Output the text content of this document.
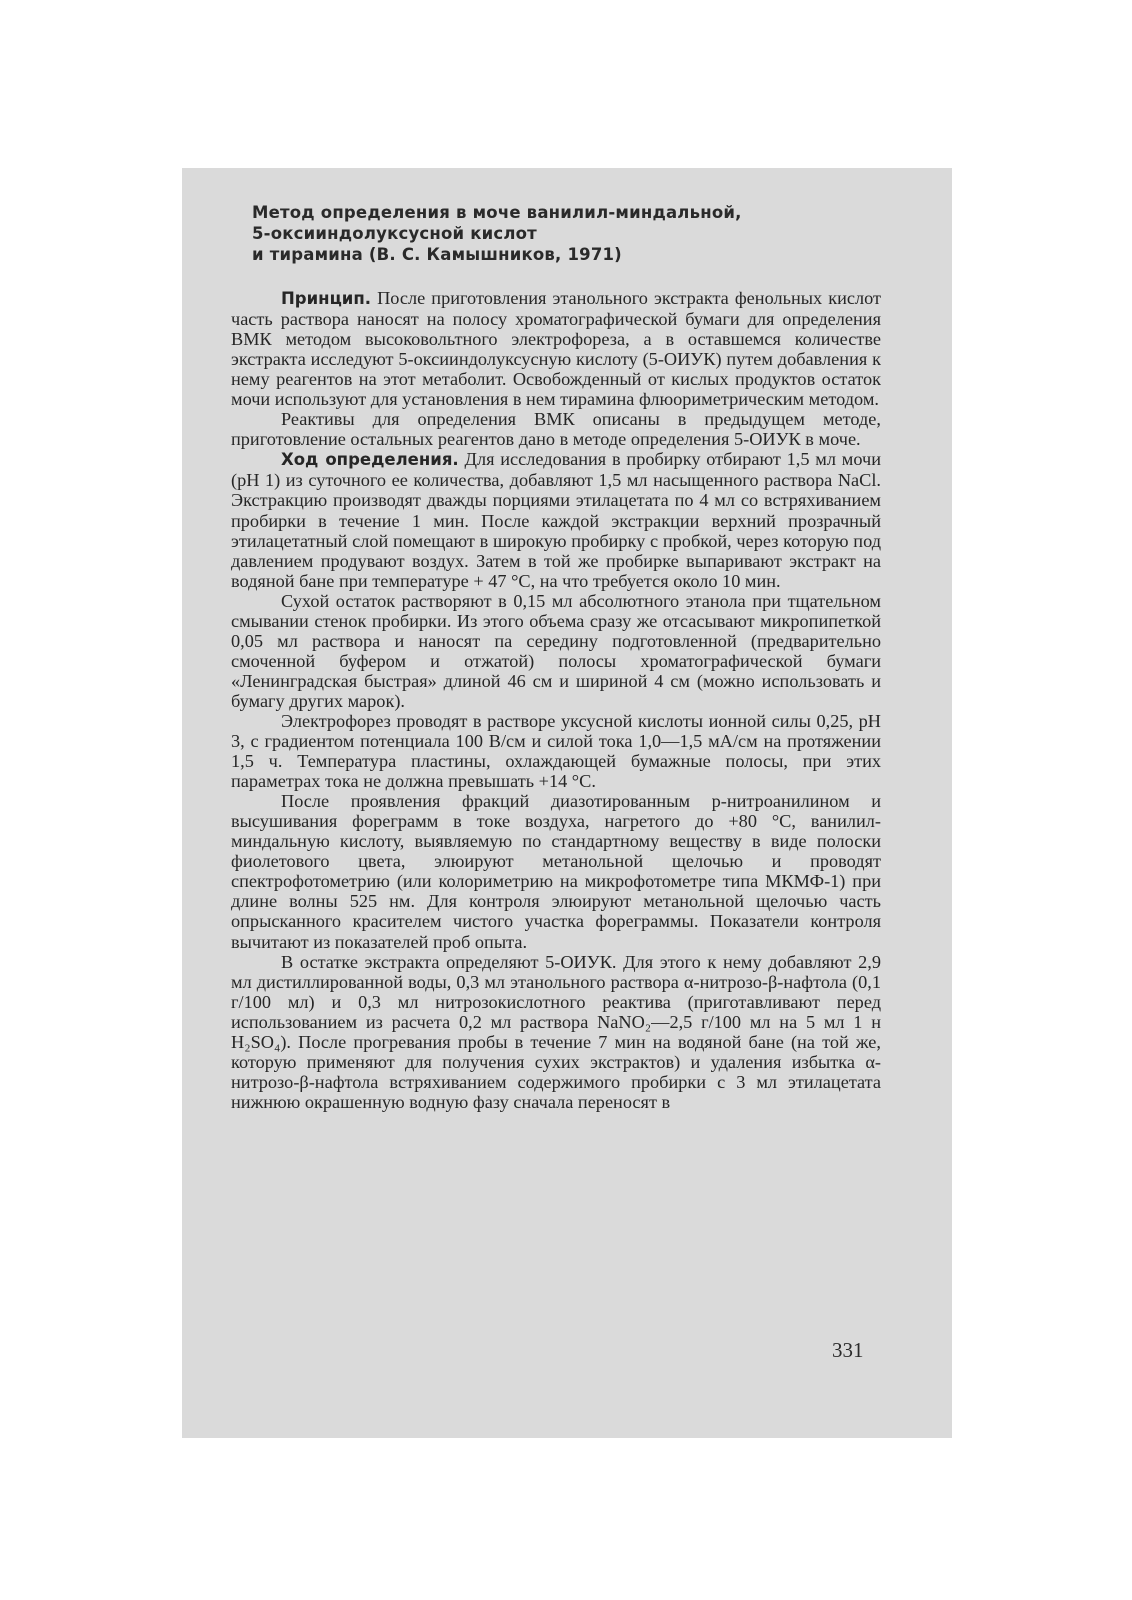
Метод определения в моче ванилил-миндальной,
5-оксииндолуксусной кислот
и тирамина (В. С. Камышников, 1971)

Принцип. После приготовления этанольного экстракта фенольных кислот часть раствора наносят на полосу хроматографической бумаги для определения ВМК методом высоковольтного электрофореза, а в оставшемся количестве экстракта исследуют 5-оксииндолуксусную кислоту (5-ОИУК) путем добавления к нему реагентов на этот метаболит. Освобожденный от кислых продуктов остаток мочи используют для установления в нем тирамина флюориметрическим методом.

Реактивы для определения ВМК описаны в предыдущем методе, приготовление остальных реагентов дано в методе определения 5-ОИУК в моче.

Ход определения. Для исследования в пробирку отбирают 1,5 мл мочи (рН 1) из суточного ее количества, добавляют 1,5 мл насыщенного раствора NaCl. Экстракцию производят дважды порциями этилацетата по 4 мл со встряхиванием пробирки в течение 1 мин. После каждой экстракции верхний прозрачный этилацетатный слой помещают в широкую пробирку с пробкой, через которую под давлением продувают воздух. Затем в той же пробирке выпаривают экстракт на водяной бане при температуре + 47 °С, на что требуется около 10 мин.

Сухой остаток растворяют в 0,15 мл абсолютного этанола при тщательном смывании стенок пробирки. Из этого объема сразу же отсасывают микропипеткой 0,05 мл раствора и наносят па середину подготовленной (предварительно смоченной буфером и отжатой) полосы хроматографической бумаги «Ленинградская быстрая» длиной 46 см и шириной 4 см (можно использовать и бумагу других марок).

Электрофорез проводят в растворе уксусной кислоты ионной силы 0,25, рН 3, с градиентом потенциала 100 В/см и силой тока 1,0—1,5 мА/см на протяжении 1,5 ч. Температура пластины, охлаждающей бумажные полосы, при этих параметрах тока не должна превышать +14 °С.

После проявления фракций диазотированным р-нитроанилином и высушивания фореграмм в токе воздуха, нагретого до +80 °С, ванилил-миндальную кислоту, выявляемую по стандартному веществу в виде полоски фиолетового цвета, элюируют метанольной щелочью и проводят спектрофотометрию (или колориметрию на микрофотометре типа МКМФ-1) при длине волны 525 нм. Для контроля элюируют метанольной щелочью часть опрысканного красителем чистого участка фореграммы. Показатели контроля вычитают из показателей проб опыта.

В остатке экстракта определяют 5-ОИУК. Для этого к нему добавляют 2,9 мл дистиллированной воды, 0,3 мл этанольного раствора α-нитрозо-β-нафтола (0,1 г/100 мл) и 0,3 мл нитрозокислотного реактива (приготавливают перед использованием из расчета 0,2 мл раствора NaNO₂—2,5 г/100 мл на 5 мл 1 н H₂SO₄). После прогревания пробы в течение 7 мин на водяной бане (на той же, которую применяют для получения сухих экстрактов) и удаления избытка α-нитрозо-β-нафтола встряхиванием содержимого пробирки с 3 мл этилацетата нижнюю окрашенную водную фазу сначала переносят в

331
